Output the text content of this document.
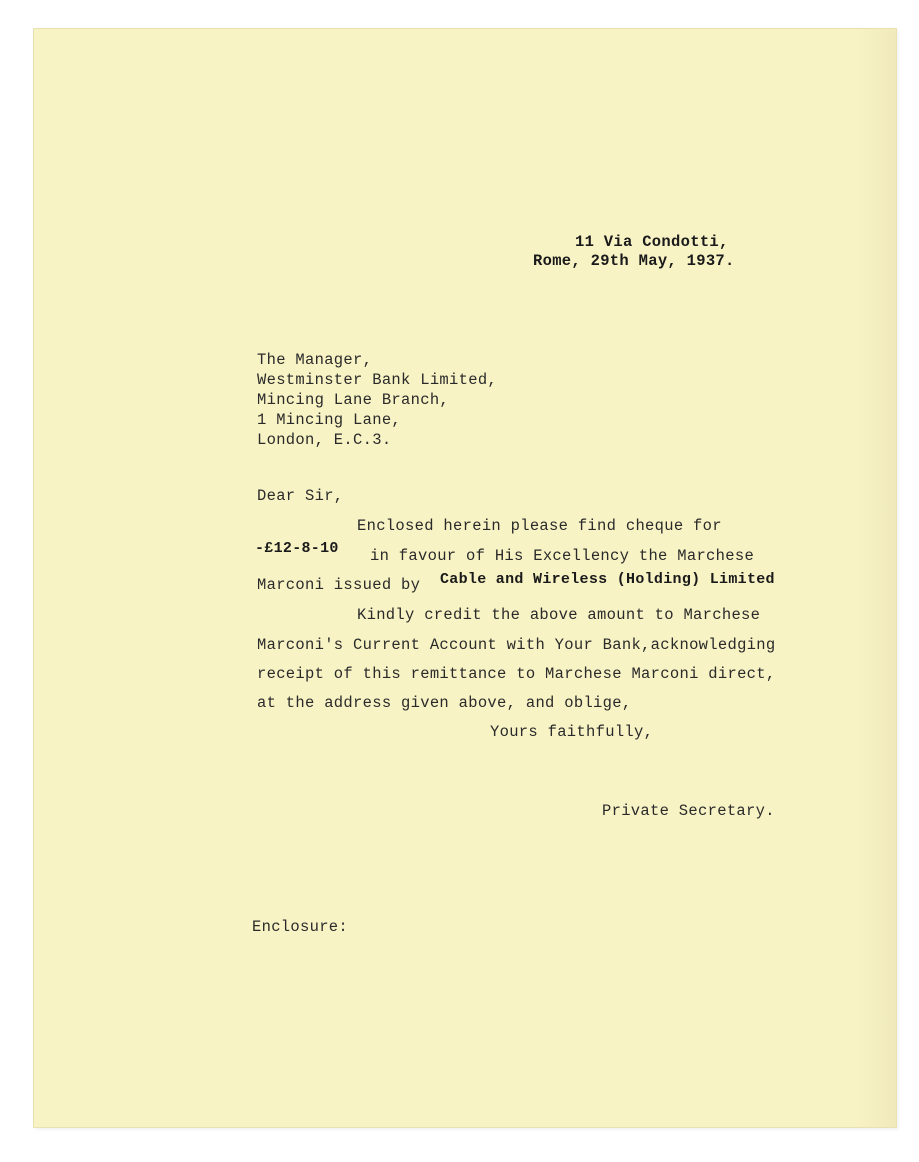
11 Via Condotti,
Rome, 29th May, 1937.
The Manager,
Westminster Bank Limited,
Mincing Lane Branch,
1 Mincing Lane,
London, E.C.3.
Dear Sir,
Enclosed herein please find cheque for
-£12-8-10 in favour of His Excellency the Marchese
Marconi issued by Cable and Wireless (Holding) Limited
Kindly credit the above amount to Marchese
Marconi's Current Account with Your Bank,acknowledging
receipt of this remittance to Marchese Marconi direct,
at the address given above, and oblige,
Yours faithfully,
Private Secretary.
Enclosure:
